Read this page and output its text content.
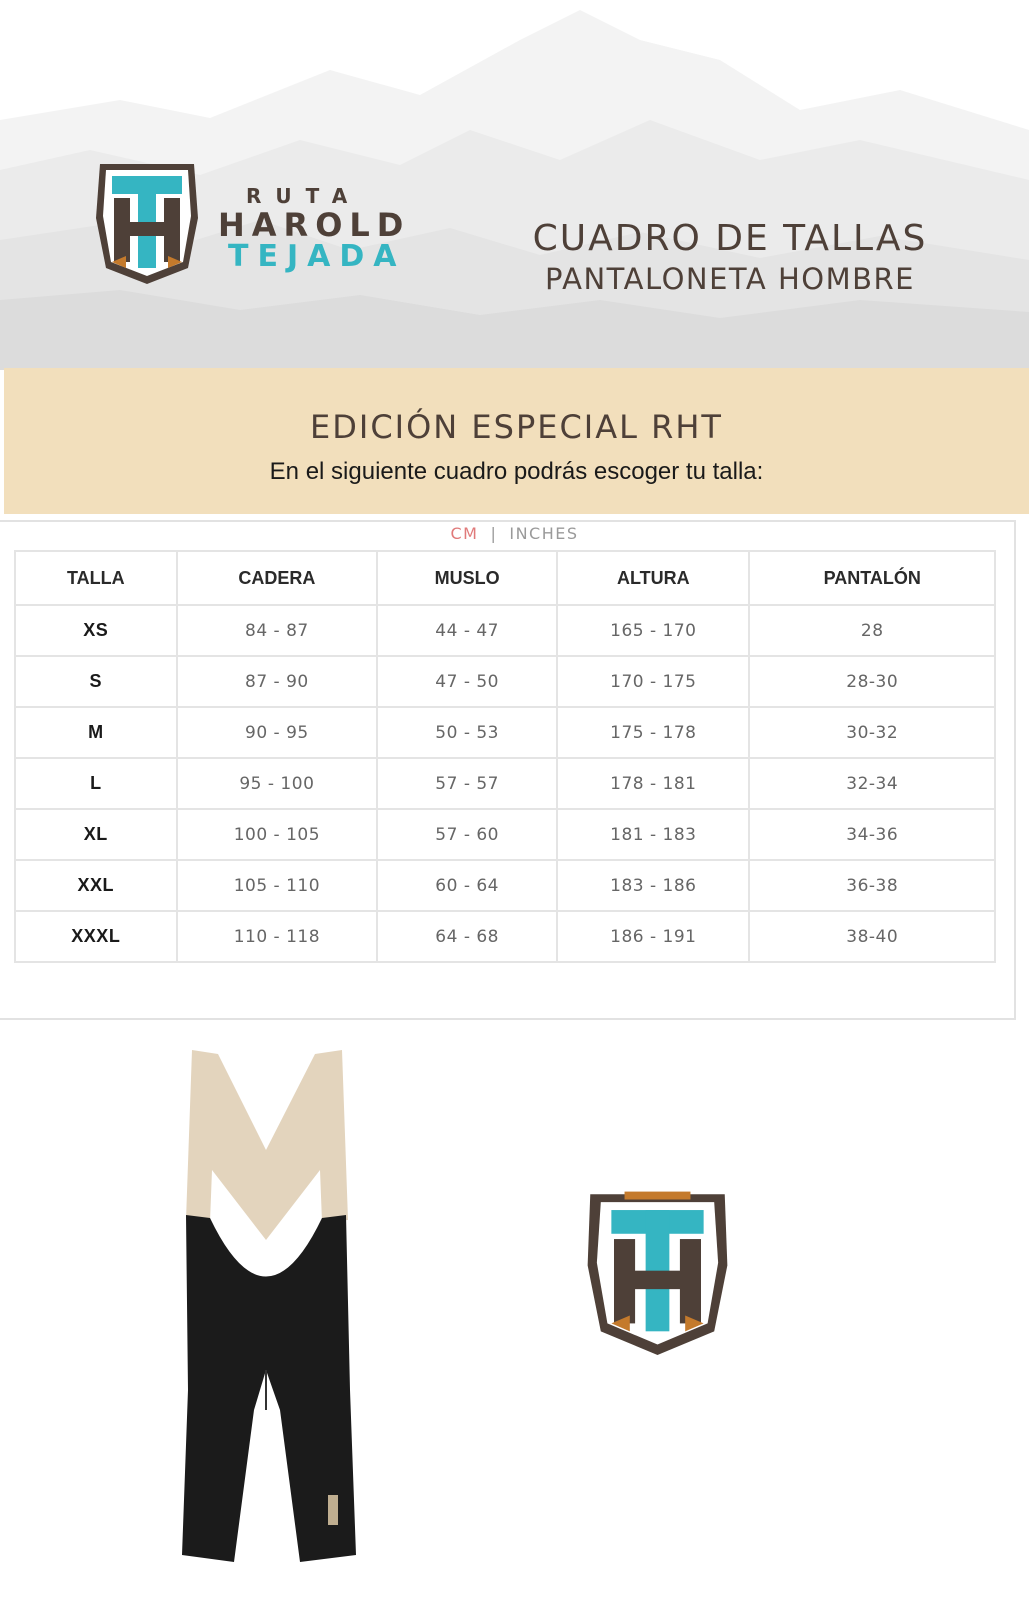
RUTA
HAROLD
TEJADA	CUADRO DE TALLAS
PANTALONETA HOMBRE
EDICIÓN ESPECIAL RHT
En el siguiente cuadro podrás escoger tu talla:
CM | INCHES
TALLA	CADERA	MUSLO	ALTURA	PANTALÓN
XS	84 - 87	44 - 47	165 - 170	28
S	87 - 90	47 - 50	170 - 175	28-30
M	90 - 95	50 - 53	175 - 178	30-32
L	95 - 100	57 - 57	178 - 181	32-34
XL	100 - 105	57 - 60	181 - 183	34-36
XXL	105 - 110	60 - 64	183 - 186	36-38
XXXL	110 - 118	64 - 68	186 - 191	38-40
